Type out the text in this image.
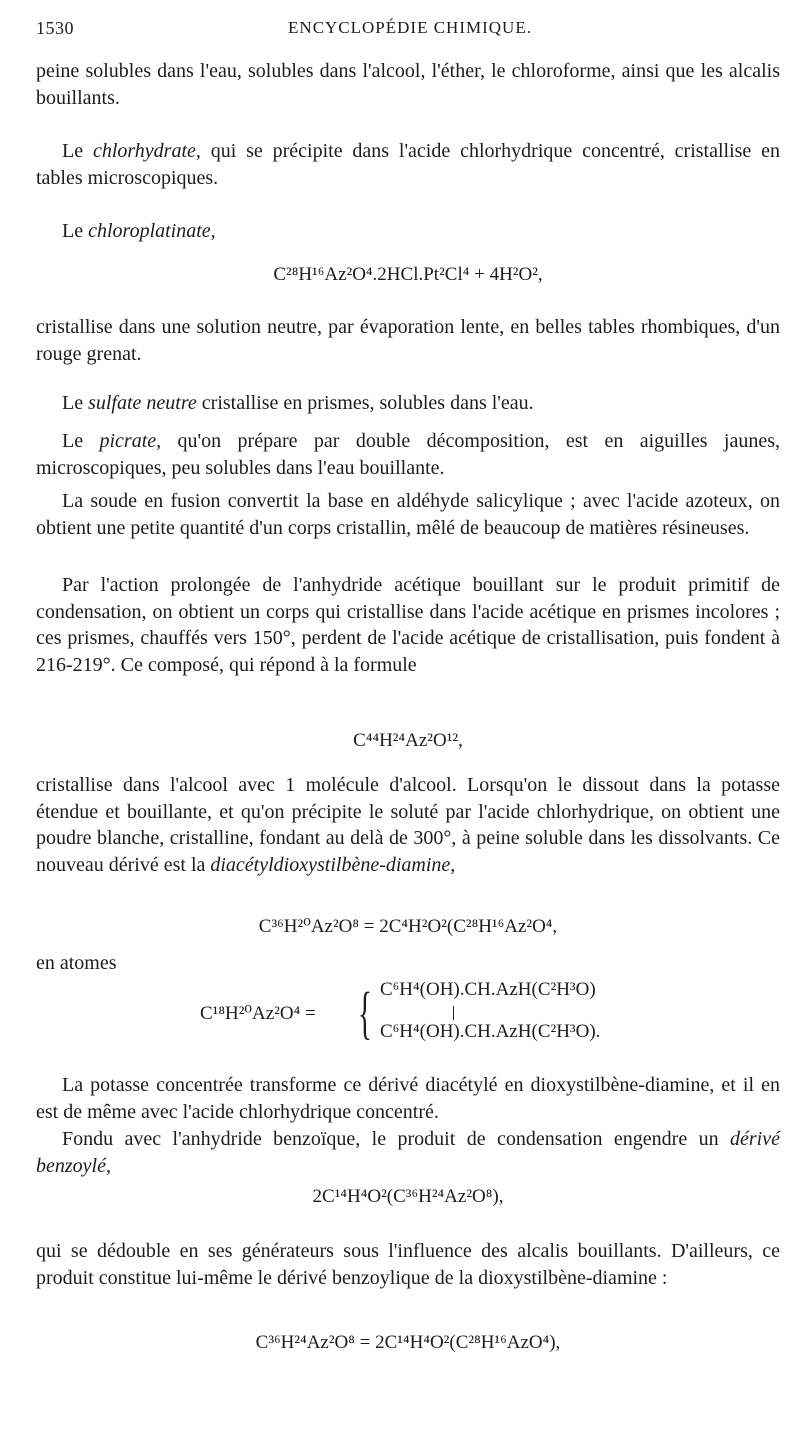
1530	ENCYCLOPÉDIE CHIMIQUE.

peine solubles dans l'eau, solubles dans l'alcool, l'éther, le chloroforme, ainsi que les alcalis bouillants.

Le chlorhydrate, qui se précipite dans l'acide chlorhydrique concentré, cristallise en tables microscopiques.

Le chloroplatinate,

C²⁸H¹⁶Az²O⁴.2HCl.Pt²Cl⁴ + 4H²O²,

cristallise dans une solution neutre, par évaporation lente, en belles tables rhombiques, d'un rouge grenat.

Le sulfate neutre cristallise en prismes, solubles dans l'eau.

Le picrate, qu'on prépare par double décomposition, est en aiguilles jaunes, microscopiques, peu solubles dans l'eau bouillante.

La soude en fusion convertit la base en aldéhyde salicylique ; avec l'acide azoteux, on obtient une petite quantité d'un corps cristallin, mêlé de beaucoup de matières résineuses.

Par l'action prolongée de l'anhydride acétique bouillant sur le produit primitif de condensation, on obtient un corps qui cristallise dans l'acide acétique en prismes incolores ; ces prismes, chauffés vers 150°, perdent de l'acide acétique de cristallisation, puis fondent à 216-219°. Ce composé, qui répond à la formule

C⁴⁴H²⁴Az²O¹²,

cristallise dans l'alcool avec 1 molécule d'alcool. Lorsqu'on le dissout dans la potasse étendue et bouillante, et qu'on précipite le soluté par l'acide chlorhydrique, on obtient une poudre blanche, cristalline, fondant au delà de 300°, à peine soluble dans les dissolvants. Ce nouveau dérivé est la diacétyldioxystilbène-diamine,

C³⁶H²⁰Az²O⁸ = 2C⁴H²O²(C²⁸H¹⁶Az²O⁴,
en atomes
C¹⁸H²⁰Az²O⁴ = { C⁶H⁴(OH).CH.AzH(C²H³O)
C⁶H⁴(OH).CH.AzH(C²H³O).

La potasse concentrée transforme ce dérivé diacétylé en dioxystilbène-diamine, et il en est de même avec l'acide chlorhydrique concentré.

Fondu avec l'anhydride benzoïque, le produit de condensation engendre un dérivé benzoylé,

2C¹⁴H⁴O²(C³⁶H²⁴Az²O⁸),

qui se dédouble en ses générateurs sous l'influence des alcalis bouillants. D'ailleurs, ce produit constitue lui-même le dérivé benzoylique de la dioxystilbène-diamine :

C³⁶H²⁴Az²O⁸ = 2C¹⁴H⁴O²(C²⁸H¹⁶AzO⁴),
